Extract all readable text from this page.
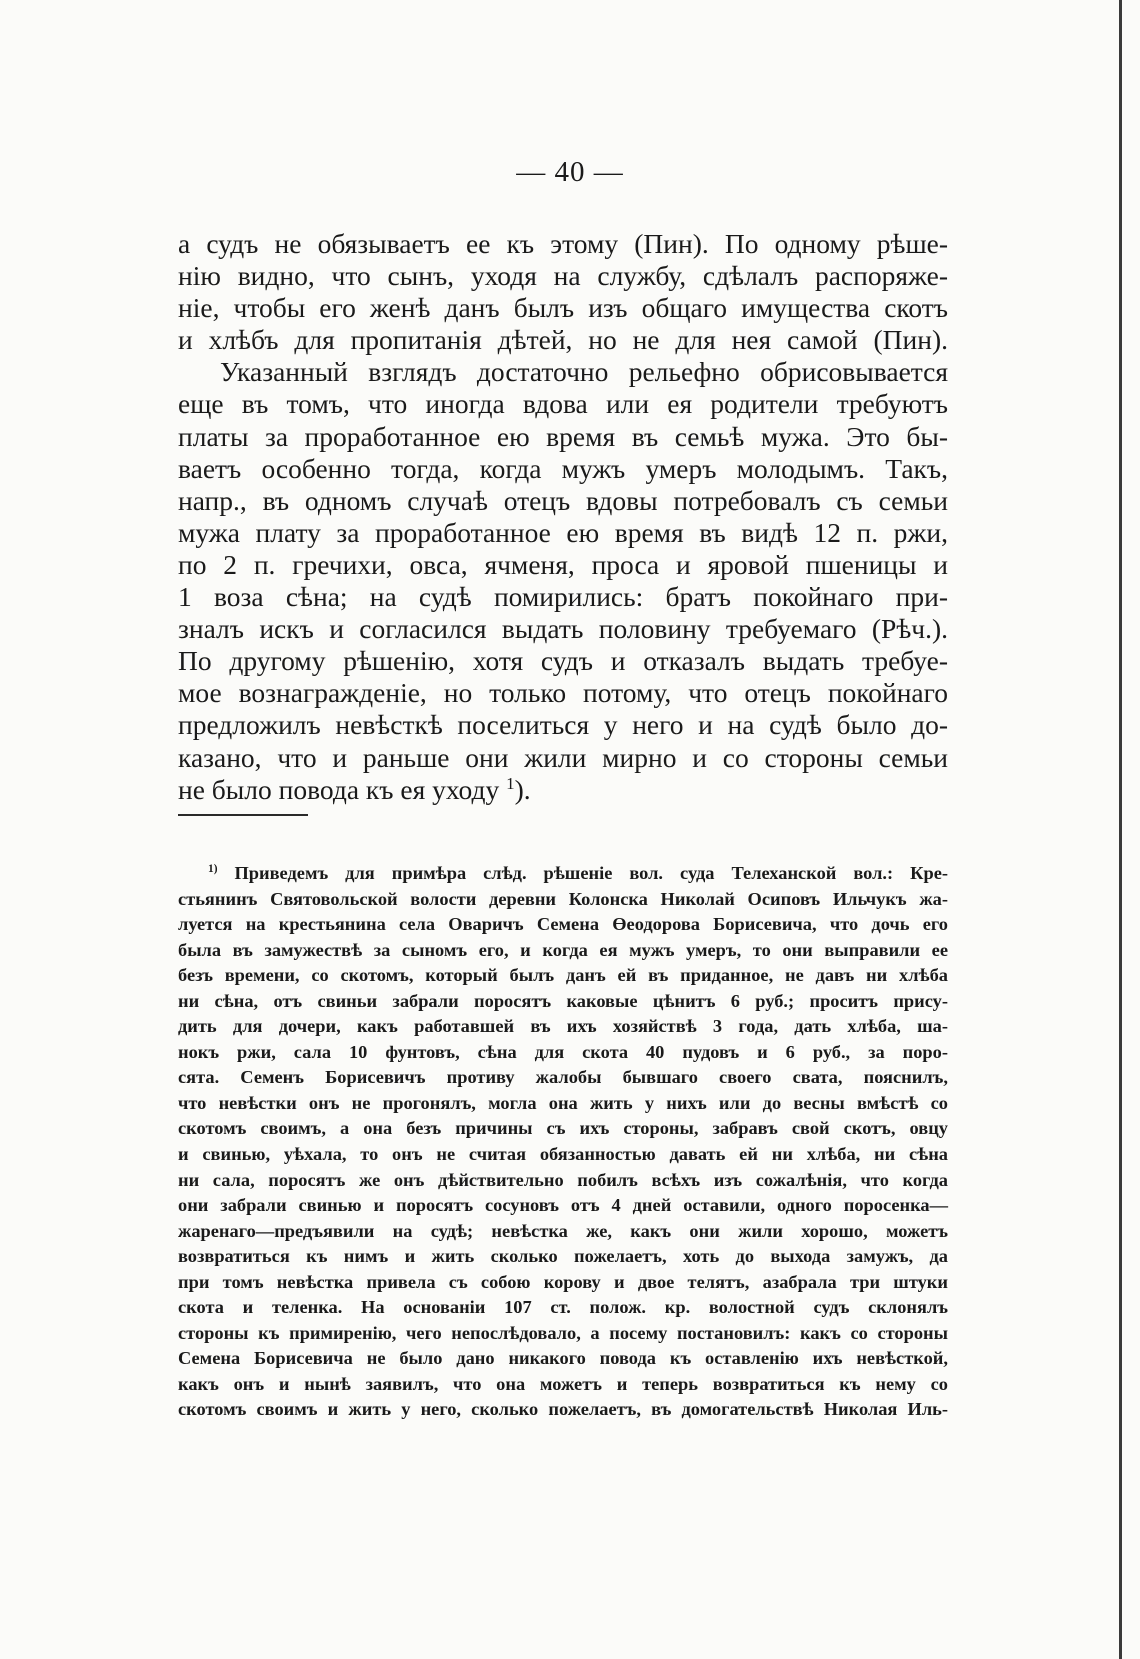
— 40 —
а судъ не обязываетъ ее къ этому (Пин). По одному рѣше-
нію видно, что сынъ, уходя на службу, сдѣлалъ распоряже-
ніе, чтобы его женѣ данъ былъ изъ общаго имущества скотъ
и хлѣбъ для пропитанія дѣтей, но не для нея самой (Пин).
Указанный взглядъ достаточно рельефно обрисовывается
еще въ томъ, что иногда вдова или ея родители требуютъ
платы за проработанное ею время въ семьѣ мужа. Это бы-
ваетъ особенно тогда, когда мужъ умеръ молодымъ. Такъ,
напр., въ одномъ случаѣ отецъ вдовы потребовалъ съ семьи
мужа плату за проработанное ею время въ видѣ 12 п. ржи,
по 2 п. гречихи, овса, ячменя, проса и яровой пшеницы и
1 воза сѣна; на судѣ помирились: братъ покойнаго при-
зналъ искъ и согласился выдать половину требуемаго (Рѣч.).
По другому рѣшенію, хотя судъ и отказалъ выдать требуе-
мое вознагражденіе, но только потому, что отецъ покойнаго
предложилъ невѣсткѣ поселиться у него и на судѣ было до-
казано, что и раньше они жили мирно и со стороны семьи
не было повода къ ея уходу $^1$).
$^{1)}$ Приведемъ для примѣра слѣд. рѣшеніе вол. суда Телеханской вол.: Кре-
стьянинъ Святовольской волости деревни Колонска Николай Осиповъ Ильчукъ жа-
луется на крестьянина села Оваричъ Семена Өеодорова Борисевича, что дочь его
была въ замужествѣ за сыномъ его, и когда ея мужъ умеръ, то они выправили ее
безъ времени, со скотомъ, который былъ данъ ей въ приданное, не давъ ни хлѣба
ни сѣна, отъ свиньи забрали поросятъ каковые цѣнитъ 6 руб.; проситъ прису-
дить для дочери, какъ работавшей въ ихъ хозяйствѣ 3 года, дать хлѣба, ша-
нокъ ржи, сала 10 фунтовъ, сѣна для скота 40 пудовъ и 6 руб., за поро-
сята. Семенъ Борисевичъ противу жалобы бывшаго своего свата, пояснилъ,
что невѣстки онъ не прогонялъ, могла она жить у нихъ или до весны вмѣстѣ со
скотомъ своимъ, а она безъ причины съ ихъ стороны, забравъ свой скотъ, овцу
и свинью, уѣхала, то онъ не считая обязанностью давать ей ни хлѣба, ни сѣна
ни сала, поросятъ же онъ дѣйствительно побилъ всѣхъ изъ сожалѣнія, что когда
они забрали свинью и поросятъ сосуновъ отъ 4 дней оставили, одного поросенка—
жаренаго—предъявили на судѣ; невѣстка же, какъ они жили хорошо, можетъ
возвратиться къ нимъ и жить сколько пожелаетъ, хоть до выхода замужъ, да
при томъ невѣстка привела съ собою корову и двое телятъ, азабрала три штуки
скота и теленка. На основаніи 107 ст. полож. кр. волостной судъ склонялъ
стороны къ примиренію, чего непослѣдовало, а посему постановилъ: какъ со стороны
Семена Борисевича не было дано никакого повода къ оставленію ихъ невѣсткой,
какъ онъ и нынѣ заявилъ, что она можетъ и теперь возвратиться къ нему со
скотомъ своимъ и жить у него, сколько пожелаетъ, въ домогательствѣ Николая Иль-
